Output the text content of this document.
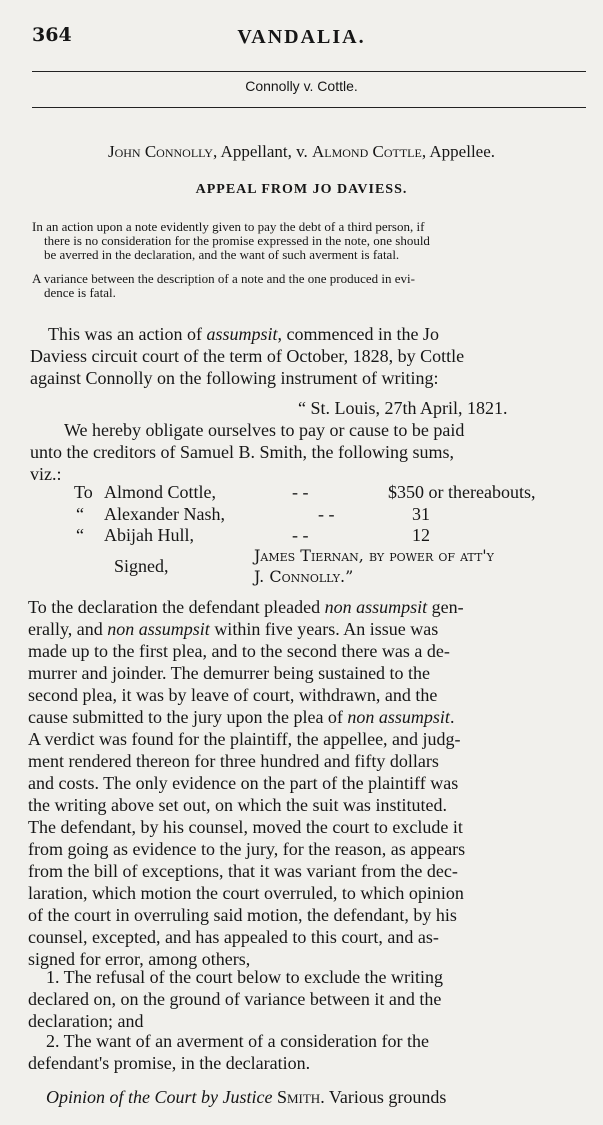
364	VANDALIA.
Connolly v. Cottle.
John Connolly, Appellant, v. Almond Cottle, Appellee.
APPEAL FROM JO DAVIESS.
In an action upon a note evidently given to pay the debt of a third person, if
there is no consideration for the promise expressed in the note, one should
be averred in the declaration, and the want of such averment is fatal.
A variance between the description of a note and the one produced in evi-
dence is fatal.
This was an action of assumpsit, commenced in the Jo
Daviess circuit court of the term of October, 1828, by Cottle
against Connolly on the following instrument of writing:
“ St. Louis, 27th April, 1821.
We hereby obligate ourselves to pay or cause to be paid
unto the creditors of Samuel B. Smith, the following sums,
viz.:
To Almond Cottle,	- -	$350 or thereabouts,
“ Alexander Nash,	- -	31
“ Abijah Hull,	- -	12
Signed,
James Tiernan, by power of att'y
J. Connolly.”
To the declaration the defendant pleaded non assumpsit gen-
erally, and non assumpsit within five years. An issue was
made up to the first plea, and to the second there was a de-
murrer and joinder. The demurrer being sustained to the
second plea, it was by leave of court, withdrawn, and the
cause submitted to the jury upon the plea of non assumpsit.
A verdict was found for the plaintiff, the appellee, and judg-
ment rendered thereon for three hundred and fifty dollars
and costs. The only evidence on the part of the plaintiff was
the writing above set out, on which the suit was instituted.
The defendant, by his counsel, moved the court to exclude it
from going as evidence to the jury, for the reason, as appears
from the bill of exceptions, that it was variant from the dec-
laration, which motion the court overruled, to which opinion
of the court in overruling said motion, the defendant, by his
counsel, excepted, and has appealed to this court, and as-
signed for error, among others,
1. The refusal of the court below to exclude the writing
declared on, on the ground of variance between it and the
declaration; and
2. The want of an averment of a consideration for the
defendant's promise, in the declaration.
Opinion of the Court by Justice Smith. Various grounds
